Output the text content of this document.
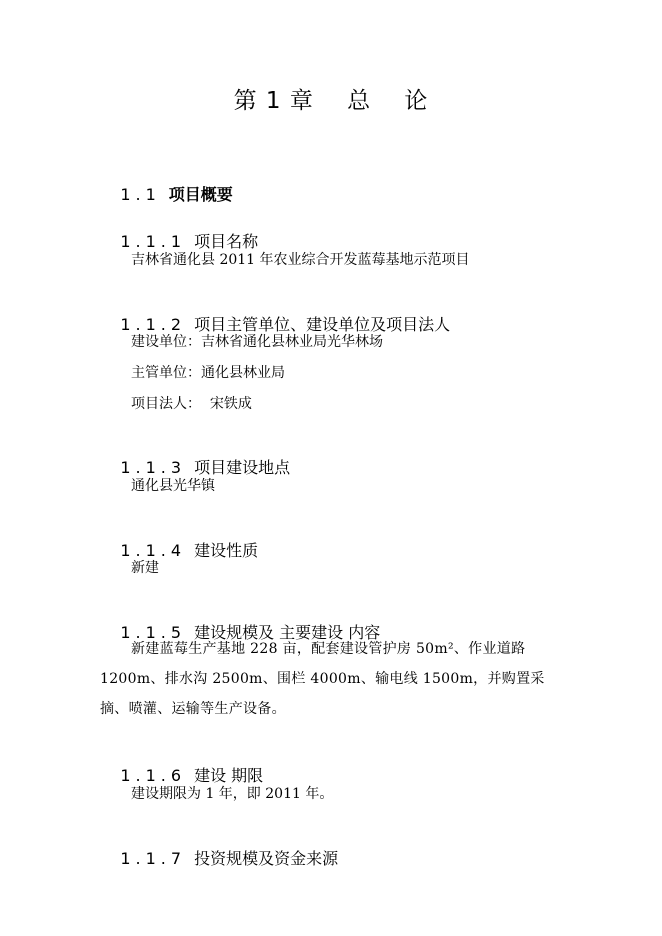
第 1 章    总    论

1.1 项目概要

1.1.1 项目名称

吉林省通化县 2011 年农业综合开发蓝莓基地示范项目

1.1.2 项目主管单位、建设单位及项目法人

建设单位：吉林省通化县林业局光华林场
主管单位：通化县林业局
项目法人：  宋铁成

1.1.3 项目建设地点

通化县光华镇

1.1.4 建设性质

新建

1.1.5 建设规模及 主要建设 内容

新建蓝莓生产基地 228 亩，配套建设管护房 50m²、作业道路 1200m、排水沟 2500m、围栏 4000m、输电线 1500m，并购置采摘、喷灌、运输等生产设备。

1.1.6 建设 期限

建设期限为 1 年，即 2011 年。

1.1.7 投资规模及资金来源
